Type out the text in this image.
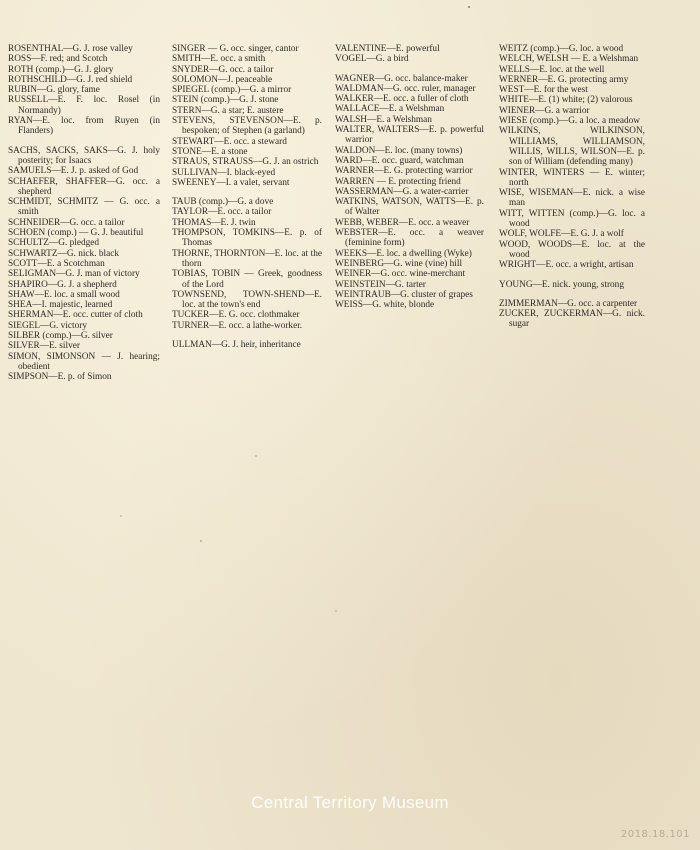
ROSENTHAL—G. J. rose valley
ROSS—F. red; and Scotch
ROTH (comp.)—G. J. glory
ROTHSCHILD—G. J. red shield
RUBIN—G. glory, fame
RUSSELL—E. F. loc. Rosel (in Normandy)
RYAN—E. loc. from Ruyen (in Flanders)
SACHS, SACKS, SAKS—G. J. holy posterity; for Isaacs
SAMUELS—E. J. p. asked of God
SCHAEFER, SHAFFER—G. occ. a shepherd
SCHMIDT, SCHMITZ — G. occ. a smith
SCHNEIDER—G. occ. a tailor
SCHOEN (comp.) — G. J. beautiful
SCHULTZ—G. pledged
SCHWARTZ—G. nick. black
SCOTT—E. a Scotchman
SELIGMAN—G. J. man of victory
SHAPIRO—G. J. a shepherd
SHAW—E. loc. a small wood
SHEA—I. majestic, learned
SHERMAN—E. occ. cutter of cloth
SIEGEL—G. victory
SILBER (comp.)—G. silver
SILVER—E. silver
SIMON, SIMONSON — J. hearing; obedient
SIMPSON—E. p. of Simon
SINGER — G. occ. singer, cantor
SMITH—E. occ. a smith
SNYDER—G. occ. a tailor
SOLOMON—J. peaceable
SPIEGEL (comp.)—G. a mirror
STEIN (comp.)—G. J. stone
STERN—G. a star; E. austere
STEVENS, STEVENSON—E. p. bespoken; of Stephen (a garland)
STEWART—E. occ. a steward
STONE—E. a stone
STRAUS, STRAUSS—G. J. an ostrich
SULLIVAN—I. black-eyed
SWEENEY—I. a valet, servant
TAUB (comp.)—G. a dove
TAYLOR—E. occ. a tailor
THOMAS—E. J. twin
THOMPSON, TOMKINS—E. p. of Thomas
THORNE, THORNTON—E. loc. at the thorn
TOBIAS, TOBIN — Greek, goodness of the Lord
TOWNSEND, TOWN-SHEND—E. loc. at the town's end
TUCKER—E. G. occ. clothmaker
TURNER—E. occ. a lathe-worker.
ULLMAN—G. J. heir, inheritance
VALENTINE—E. powerful
VOGEL—G. a bird
WAGNER—G. occ. balance-maker
WALDMAN—G. occ. ruler, manager
WALKER—E. occ. a fuller of cloth
WALLACE—E. a Welshman
WALSH—E. a Welshman
WALTER, WALTERS—E. p. powerful warrior
WALDON—E. loc. (many towns)
WARD—E. occ. guard, watchman
WARNER—E. G. protecting warrior
WARREN — E. protecting friend
WASSERMAN—G. a water-carrier
WATKINS, WATSON, WATTS—E. p. of Walter
WEBB, WEBER—E. occ. a weaver
WEBSTER—E. occ. a weaver (feminine form)
WEEKS—E. loc. a dwelling (Wyke)
WEINBERG—G. wine (vine) hill
WEINER—G. occ. wine-merchant
WEINSTEIN—G. tarter
WEINTRAUB—G. cluster of grapes
WEISS—G. white, blonde
WEITZ (comp.)—G. loc. a wood
WELCH, WELSH — E. a Welshman
WELLS—E. loc. at the well
WERNER—E. G. protecting army
WEST—E. for the west
WHITE—E. (1) white; (2) valorous
WIENER—G. a warrior
WIESE (comp.)—G. a loc. a meadow
WILKINS, WILKINSON, WILLIAMS, WILLIAMSON, WILLIS, WILLS, WILSON—E. p. son of William (defending many)
WINTER, WINTERS — E. winter; north
WISE, WISEMAN—E. nick. a wise man
WITT, WITTEN (comp.)—G. loc. a wood
WOLF, WOLFE—E. G. J. a wolf
WOOD, WOODS—E. loc. at the wood
WRIGHT—E. occ. a wright, artisan
YOUNG—E. nick. young, strong
ZIMMERMAN—G. occ. a carpenter
ZUCKER, ZUCKERMAN—G. nick. sugar
Central Territory Museum
2018.18.101
